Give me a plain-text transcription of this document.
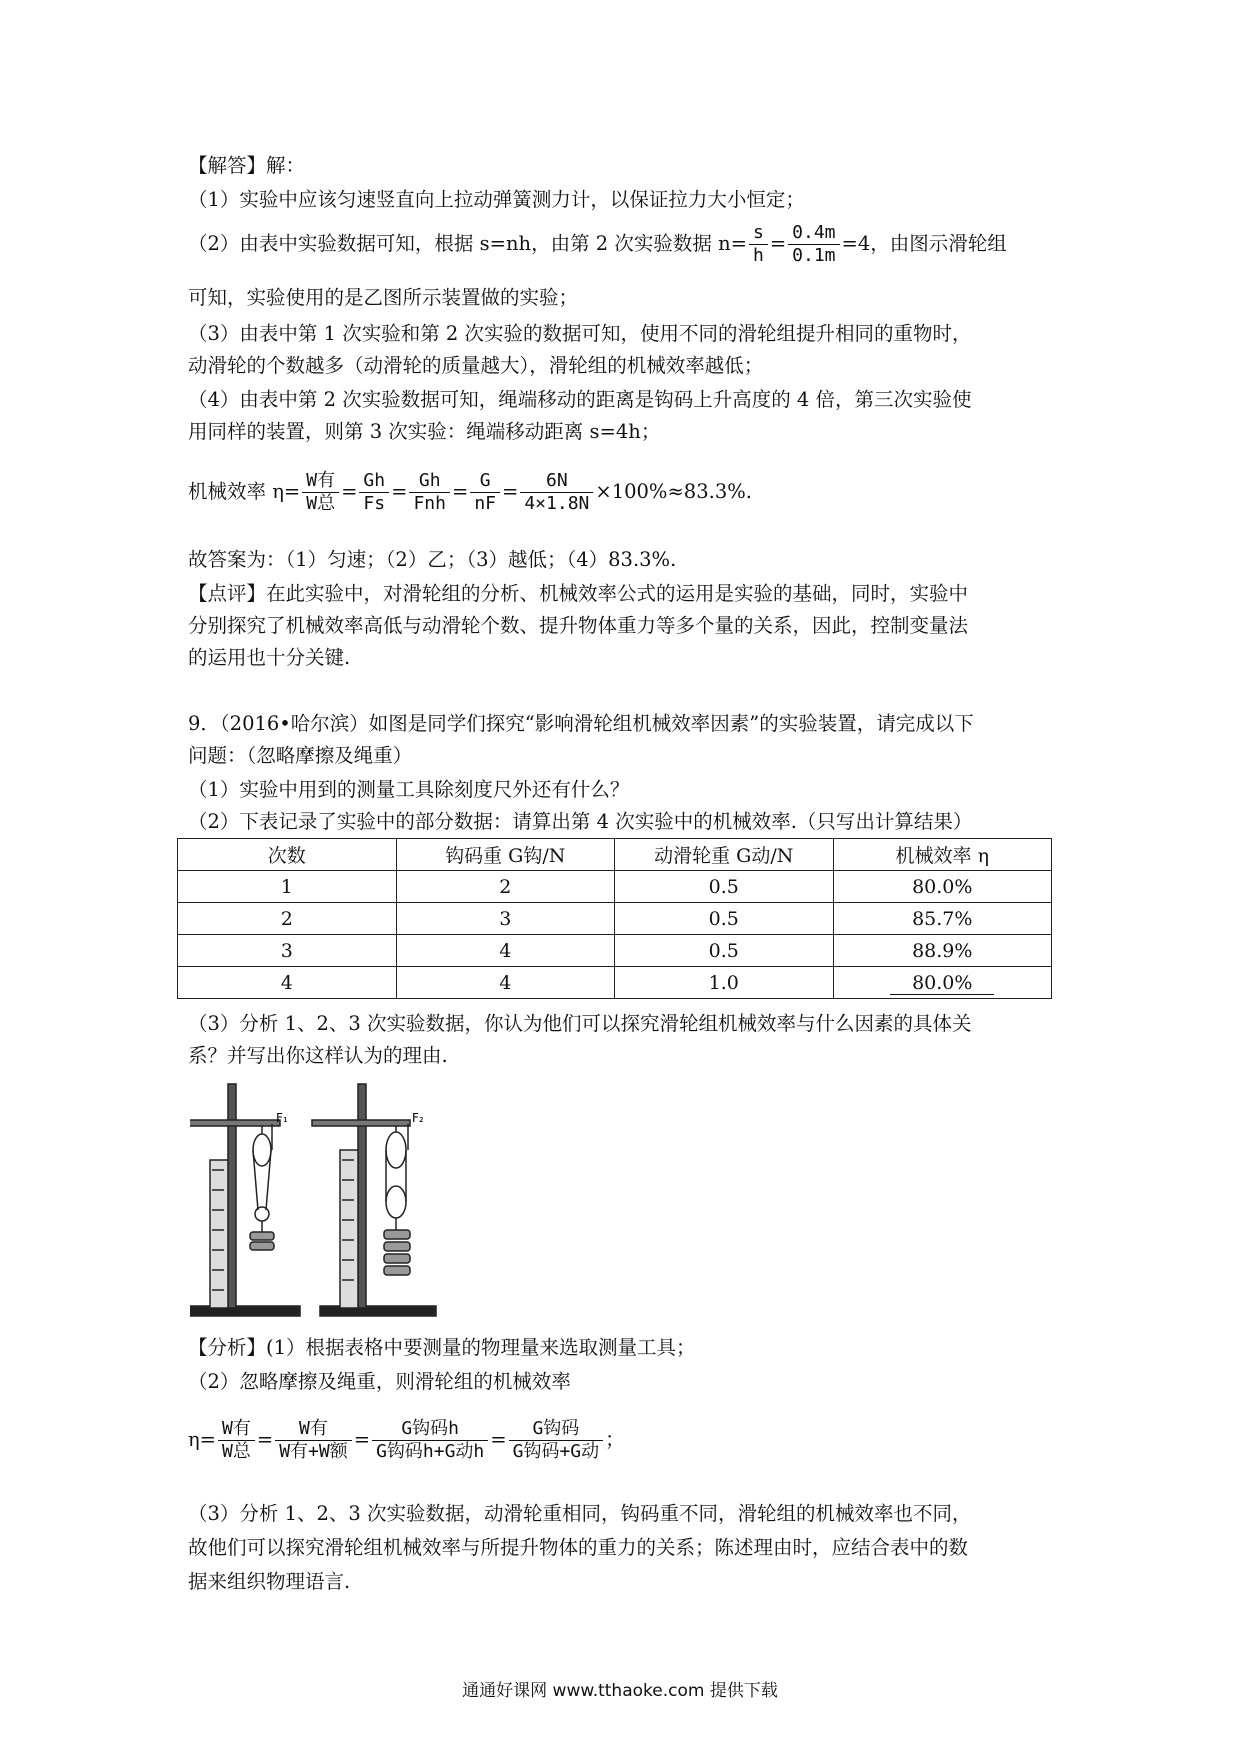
【解答】解：
（1）实验中应该匀速竖直向上拉动弹簧测力计，以保证拉力大小恒定；
（2）由表中实验数据可知，根据 s=nh，由第 2 次实验数据 $n= \frac{s}{h} = \frac{0.4m}{0.1m} =4$，由图示滑轮组
可知，实验使用的是乙图所示装置做的实验；
（3）由表中第 1 次实验和第 2 次实验的数据可知，使用不同的滑轮组提升相同的重物时，
动滑轮的个数越多（动滑轮的质量越大），滑轮组的机械效率越低；
（4）由表中第 2 次实验数据可知，绳端移动的距离是钩码上升高度的 4 倍，第三次实验使
用同样的装置，则第 3 次实验：绳端移动距离 s=4h；
机械效率 $\eta= \frac{\text{W有}}{\text{W总}} = \frac{Gh}{Fs} = \frac{Gh}{\text{Fnh}} = \frac{G}{nF} = \frac{6N}{4\times 1.8N} \times 100\%\approx 83.3\%$.
故答案为：（1）匀速；（2）乙；（3）越低；（4）83.3%.
【点评】在此实验中，对滑轮组的分析、机械效率公式的运用是实验的基础，同时，实验中
分别探究了机械效率高低与动滑轮个数、提升物体重力等多个量的关系，因此，控制变量法
的运用也十分关键.
9．（2016•哈尔滨）如图是同学们探究“影响滑轮组机械效率因素”的实验装置，请完成以下
问题：（忽略摩擦及绳重）
（1）实验中用到的测量工具除刻度尺外还有什么？
（2）下表记录了实验中的部分数据：请算出第 4 次实验中的机械效率.（只写出计算结果）
次数	钩码重 G钩/N	动滑轮重 G动/N	机械效率 η
1	2	0.5	80.0%
2	3	0.5	85.7%
3	4	0.5	88.9%
4	4	1.0	80.0%
（3）分析 1、2、3 次实验数据，你认为他们可以探究滑轮组机械效率与什么因素的具体关
系？并写出你这样认为的理由.
F₁	F₂
【分析】(1）根据表格中要测量的物理量来选取测量工具；
（2）忽略摩擦及绳重，则滑轮组的机械效率
$\eta= \frac{\text{W有}}{\text{W总}} = \frac{\text{W有}}{\text{W有+W额}} = \frac{\text{G钩码h}}{\text{G钩码h+G动h}} = \frac{\text{G钩码}}{\text{G钩码+G动}}$ ；
（3）分析 1、2、3 次实验数据，动滑轮重相同，钩码重不同，滑轮组的机械效率也不同，
故他们可以探究滑轮组机械效率与所提升物体的重力的关系；陈述理由时，应结合表中的数
据来组织物理语言.
通通好课网 www.tthaoke.com 提供下载
